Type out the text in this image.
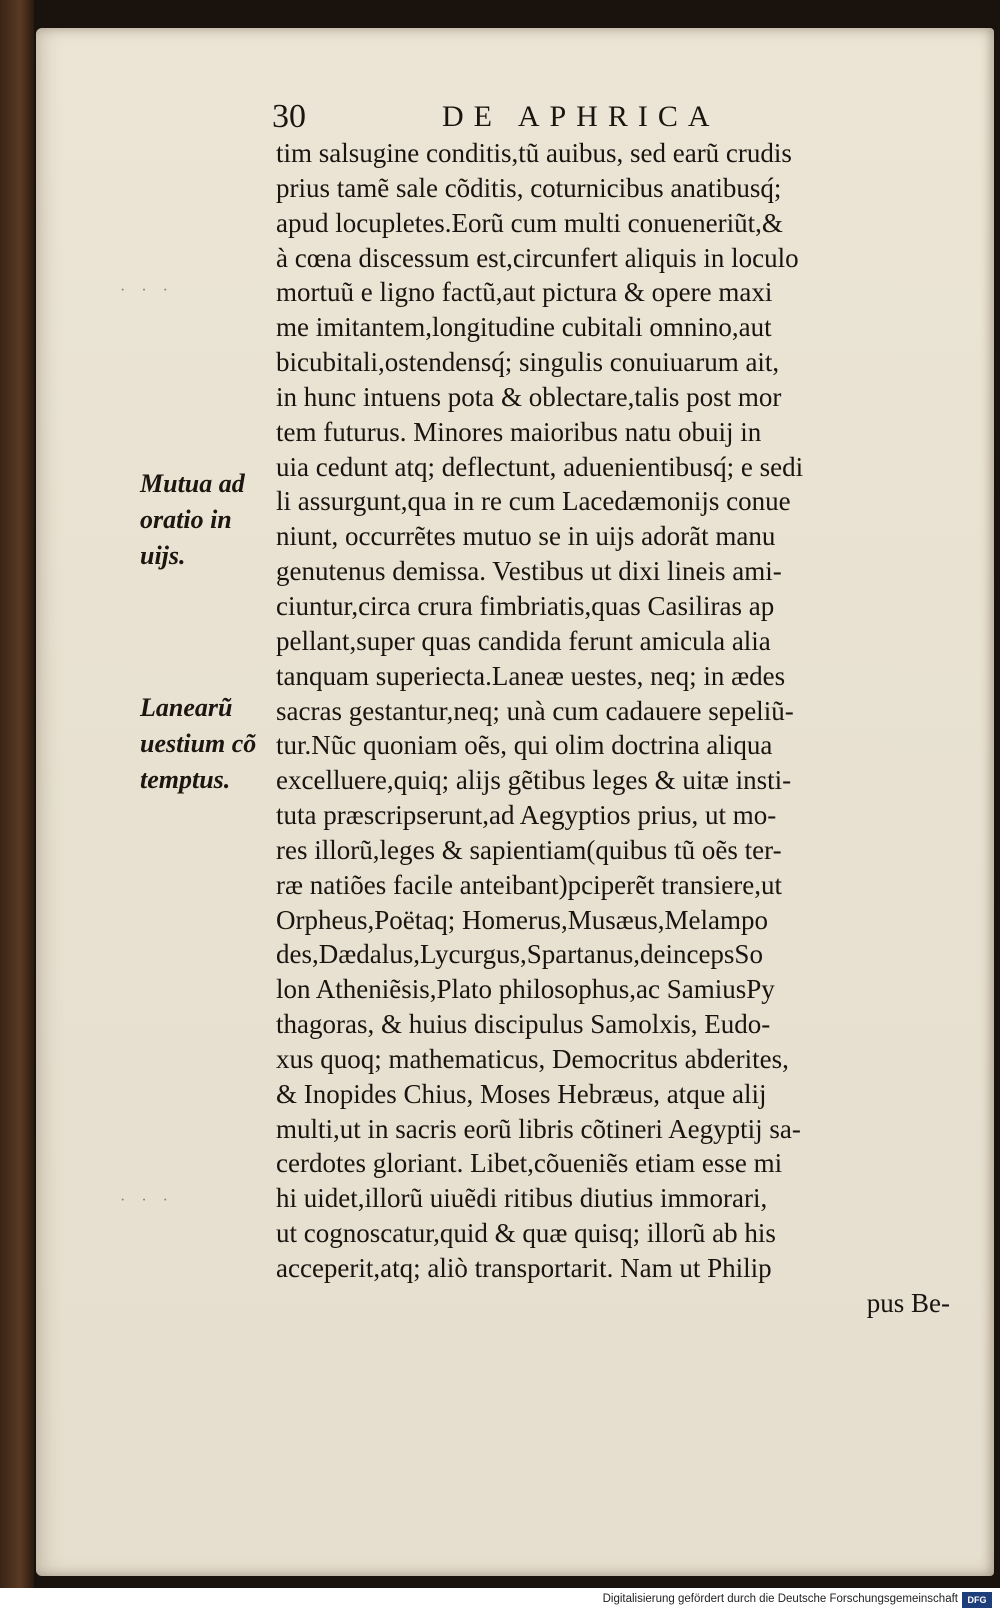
30	DE APHRICA
· · ·
· · ·
Mutua ad
oratio in
uijs.
Lanearũ
uestium cõ
temptus.
tim salsugine conditis,tũ auibus, sed earũ crudis
prius tamẽ sale cõditis, coturnicibus anatibusq́;
apud locupletes.Eorũ cum multi conueneriũt,&
à cœna discessum est,circunfert aliquis in loculo
mortuũ e ligno factũ,aut pictura & opere maxi
me imitantem,longitudine cubitali omnino,aut
bicubitali,ostendensq́; singulis conuiuarum ait,
in hunc intuens pota & oblectare,talis post mor
tem futurus. Minores maioribus natu obuij in
uia cedunt atq; deflectunt, aduenientibusq́; e sedi
li assurgunt,qua in re cum Lacedæmonijs conue
niunt, occurrẽtes mutuo se in uijs adorãt manu
genutenus demissa. Vestibus ut dixi lineis ami-
ciuntur,circa crura fimbriatis,quas Casiliras ap
pellant,super quas candida ferunt amicula alia
tanquam superiecta.Laneæ uestes, neq; in ædes
sacras gestantur,neq; unà cum cadauere sepeliũ-
tur.Nũc quoniam oẽs, qui olim doctrina aliqua
excelluere,quiq; alijs gẽtibus leges & uitæ insti-
tuta præscripserunt,ad Aegyptios prius, ut mo-
res illorũ,leges & sapientiam(quibus tũ oẽs ter-
ræ natiões facile anteibant)pciperẽt transiere,ut
Orpheus,Poëtaq; Homerus,Musæus,Melampo
des,Dædalus,Lycurgus,Spartanus,deincepsSo
lon Atheniẽsis,Plato philosophus,ac SamiusPy
thagoras, & huius discipulus Samolxis, Eudo-
xus quoq; mathematicus, Democritus abderites,
& Inopides Chius, Moses Hebræus, atque alij
multi,ut in sacris eorũ libris cõtineri Aegyptij sa-
cerdotes gloriant. Libet,cõueniẽs etiam esse mi
hi uidet,illorũ uiuẽdi ritibus diutius immorari,
ut cognoscatur,quid & quæ quisq; illorũ ab his
acceperit,atq; aliò transportarit. Nam ut Philip
pus Be-
Digitalisierung gefördert durch die Deutsche Forschungsgemeinschaft	DFG
